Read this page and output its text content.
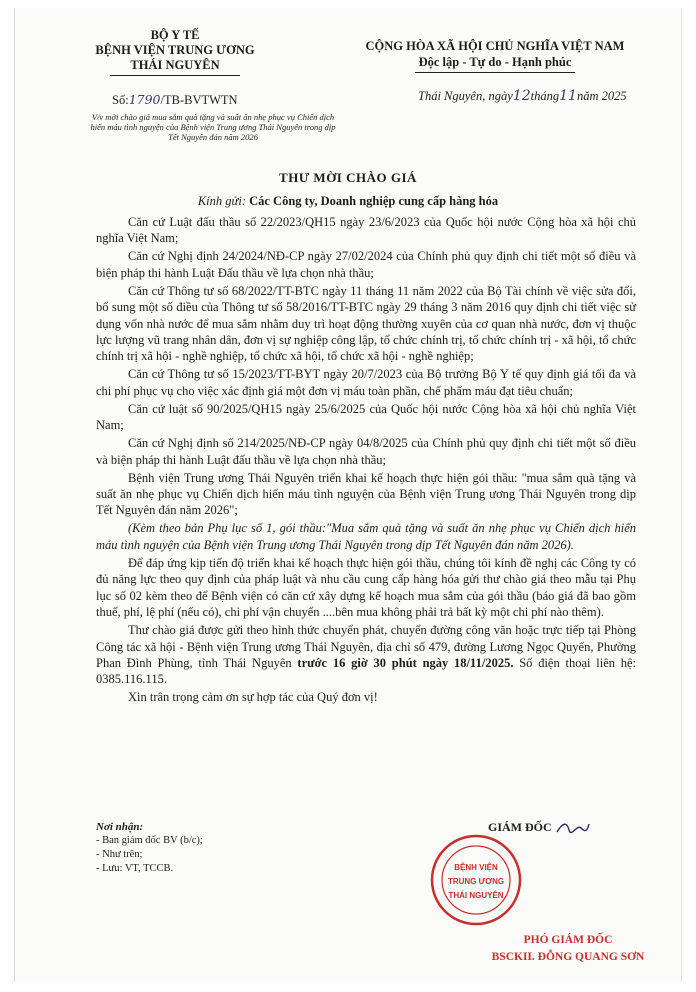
BỘ Y TẾ
BỆNH VIỆN TRUNG ƯƠNG
THÁI NGUYÊN
Số:1790/TB-BVTWTN
V/v mời chào giá mua sắm quà tặng và suất ăn nhẹ phục vụ Chiến dịch hiến máu tình nguyện của Bệnh viện Trung ương Thái Nguyên trong dịp Tết Nguyên đán năm 2026
CỘNG HÒA XÃ HỘI CHỦ NGHĨA VIỆT NAM
Độc lập - Tự do - Hạnh phúc
Thái Nguyên, ngày12tháng11năm 2025
THƯ MỜI CHÀO GIÁ
Kính gửi: Các Công ty, Doanh nghiệp cung cấp hàng hóa

Căn cứ Luật đấu thầu số 22/2023/QH15 ngày 23/6/2023 của Quốc hội nước Cộng hòa xã hội chủ nghĩa Việt Nam;

Căn cứ Nghị định 24/2024/NĐ-CP ngày 27/02/2024 của Chính phủ quy định chi tiết một số điều và biện pháp thi hành Luật Đấu thầu về lựa chọn nhà thầu;

Căn cứ Thông tư số 68/2022/TT-BTC ngày 11 tháng 11 năm 2022 của Bộ Tài chính về việc sửa đổi, bổ sung một số điều của Thông tư số 58/2016/TT-BTC ngày 29 tháng 3 năm 2016 quy định chi tiết việc sử dụng vốn nhà nước để mua sắm nhằm duy trì hoạt động thường xuyên của cơ quan nhà nước, đơn vị thuộc lực lượng vũ trang nhân dân, đơn vị sự nghiệp công lập, tổ chức chính trị, tổ chức chính trị - xã hội, tổ chức chính trị xã hội - nghề nghiệp, tổ chức xã hội, tổ chức xã hội - nghề nghiệp;

Căn cứ Thông tư số 15/2023/TT-BYT ngày 20/7/2023 của Bộ trưởng Bộ Y tế quy định giá tối đa và chi phí phục vụ cho việc xác định giá một đơn vị máu toàn phần, chế phẩm máu đạt tiêu chuẩn;

Căn cứ luật số 90/2025/QH15 ngày 25/6/2025 của Quốc hội nước Cộng hòa xã hội chủ nghĩa Việt Nam;

Căn cứ Nghị định số 214/2025/NĐ-CP ngày 04/8/2025 của Chính phủ quy định chi tiết một số điều và biện pháp thi hành Luật đấu thầu về lựa chọn nhà thầu;

Bệnh viện Trung ương Thái Nguyên triển khai kế hoạch thực hiện gói thầu: "mua sắm quà tặng và suất ăn nhẹ phục vụ Chiến dịch hiến máu tình nguyện của Bệnh viện Trung ương Thái Nguyên trong dịp Tết Nguyên đán năm 2026";

(Kèm theo bản Phụ lục số 1, gói thầu:"Mua sắm quà tặng và suất ăn nhẹ phục vụ Chiến dịch hiến máu tình nguyện của Bệnh viện Trung ương Thái Nguyên trong dịp Tết Nguyên đán năm 2026).

Để đáp ứng kịp tiến độ triển khai kế hoạch thực hiện gói thầu, chúng tôi kính đề nghị các Công ty có đủ năng lực theo quy định của pháp luật và nhu cầu cung cấp hàng hóa gửi thư chào giá theo mẫu tại Phụ lục số 02 kèm theo để Bệnh viện có căn cứ xây dựng kế hoạch mua sắm của gói thầu (báo giá đã bao gồm thuế, phí, lệ phí (nếu có), chi phí vận chuyển ....bên mua không phải trả bất kỳ một chi phí nào thêm).

Thư chào giá được gửi theo hình thức chuyển phát, chuyển đường công văn hoặc trực tiếp tại Phòng Công tác xã hội - Bệnh viện Trung ương Thái Nguyên, địa chỉ số 479, đường Lương Ngọc Quyến, Phường Phan Đình Phùng, tỉnh Thái Nguyên trước 16 giờ 30 phút ngày 18/11/2025. Số điện thoại liên hệ: 0385.116.115.

Xin trân trọng cảm ơn sự hợp tác của Quý đơn vị!

Nơi nhận:
- Ban giám đốc BV (b/c);
- Như trên;
- Lưu: VT, TCCB.
GIÁM ĐỐC
BỆNH VIỆN
TRUNG ƯƠNG
THÁI NGUYÊN
PHÓ GIÁM ĐỐC
BSCKII. ĐỖNG QUANG SƠN
